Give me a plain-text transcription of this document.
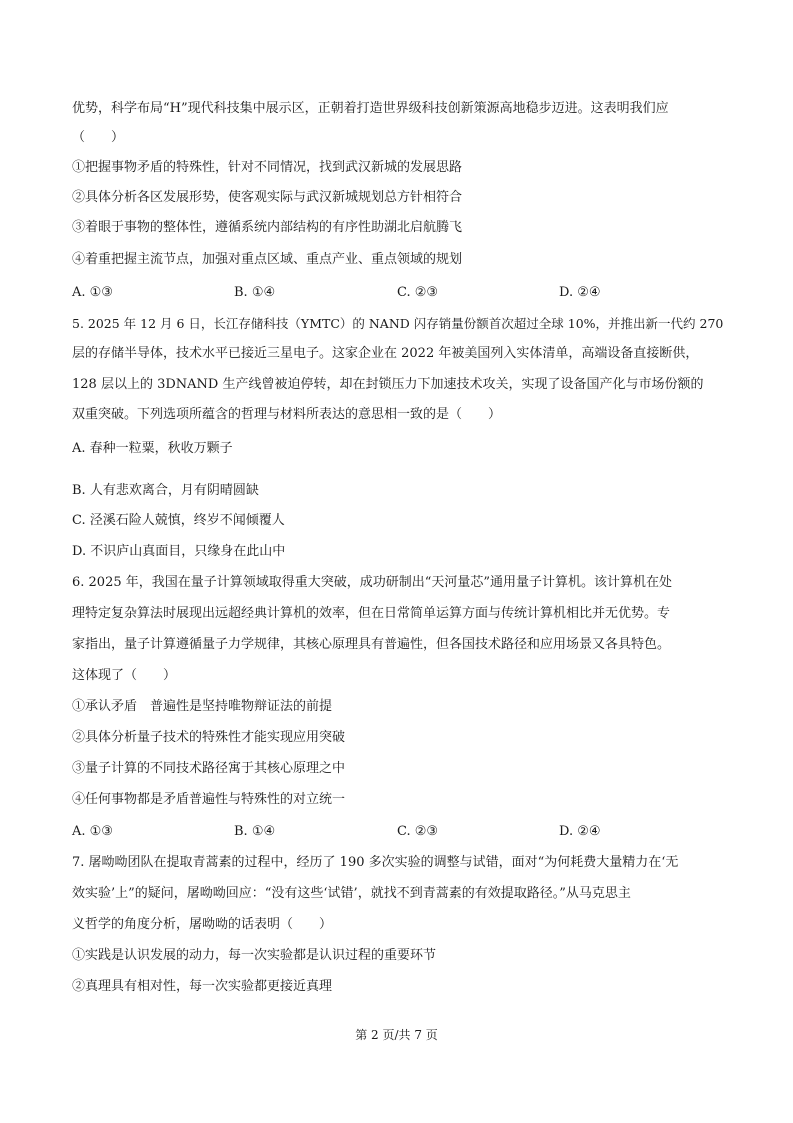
优势，科学布局“H”现代科技集中展示区，正朝着打造世界级科技创新策源高地稳步迈进。这表明我们应
（　　）
①把握事物矛盾的特殊性，针对不同情况，找到武汉新城的发展思路
②具体分析各区发展形势，使客观实际与武汉新城规划总方针相符合
③着眼于事物的整体性，遵循系统内部结构的有序性助湖北启航腾飞
④着重把握主流节点，加强对重点区域、重点产业、重点领域的规划
A. ①③	B. ①④	C. ②③	D. ②④
5. 2025 年 12 月 6 日，长江存储科技（YMTC）的 NAND 闪存销量份额首次超过全球 10%，并推出新一代约 270
层的存储半导体，技术水平已接近三星电子。这家企业在 2022 年被美国列入实体清单，高端设备直接断供，
128 层以上的 3DNAND 生产线曾被迫停转，却在封锁压力下加速技术攻关，实现了设备国产化与市场份额的
双重突破。下列选项所蕴含的哲理与材料所表达的意思相一致的是（　　）
A. 春种一粒粟，秋收万颗子
B. 人有悲欢离合，月有阴晴圆缺
C. 泾溪石险人兢慎，终岁不闻倾覆人
D. 不识庐山真面目，只缘身在此山中
6. 2025 年，我国在量子计算领域取得重大突破，成功研制出“天河量芯”通用量子计算机。该计算机在处
理特定复杂算法时展现出远超经典计算机的效率，但在日常简单运算方面与传统计算机相比并无优势。专
家指出，量子计算遵循量子力学规律，其核心原理具有普遍性，但各国技术路径和应用场景又各具特色。
这体现了（　　）
①承认矛盾　普遍性是坚持唯物辩证法的前提
②具体分析量子技术的特殊性才能实现应用突破
③量子计算的不同技术路径寓于其核心原理之中
④任何事物都是矛盾普遍性与特殊性的对立统一
A. ①③	B. ①④	C. ②③	D. ②④
7. 屠呦呦团队在提取青蒿素的过程中，经历了 190 多次实验的调整与试错，面对“为何耗费大量精力在‘无
效实验’上”的疑问，屠呦呦回应：“没有这些‘试错’，就找不到青蒿素的有效提取路径。”从马克思主
义哲学的角度分析，屠呦呦的话表明（　　）
①实践是认识发展的动力，每一次实验都是认识过程的重要环节
②真理具有相对性，每一次实验都更接近真理
第 2 页/共 7 页
